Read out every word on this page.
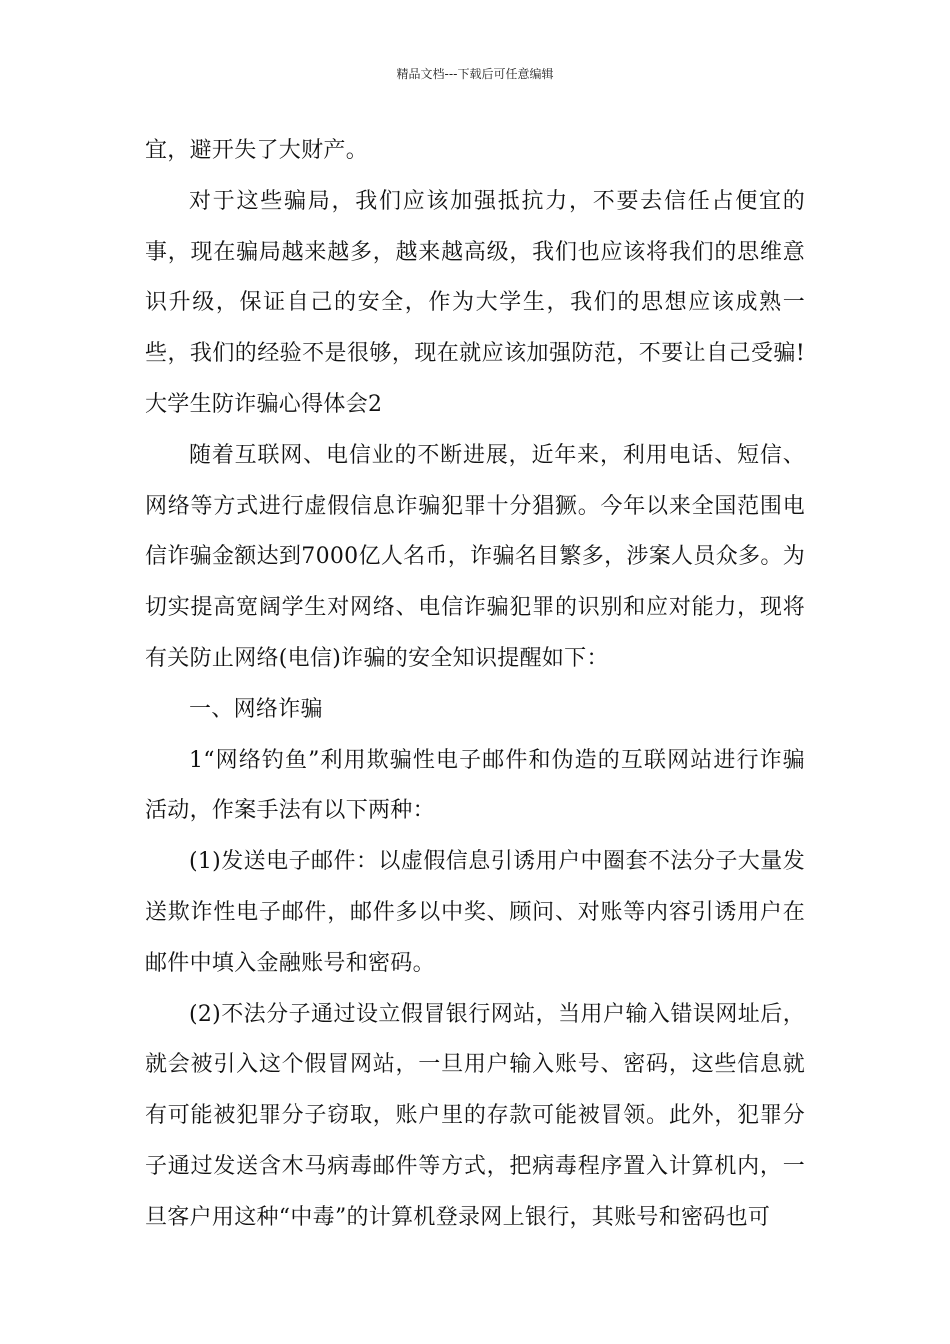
精品文档---下载后可任意编辑

宜，避开失了大财产。

对于这些骗局，我们应该加强抵抗力，不要去信任占便宜的事，现在骗局越来越多，越来越高级，我们也应该将我们的思维意识升级，保证自己的安全，作为大学生，我们的思想应该成熟一些，我们的经验不是很够，现在就应该加强防范，不要让自己受骗!大学生防诈骗心得体会2

随着互联网、电信业的不断进展，近年来，利用电话、短信、网络等方式进行虚假信息诈骗犯罪十分猖獗。今年以来全国范围电信诈骗金额达到7000亿人名币，诈骗名目繁多，涉案人员众多。为切实提高宽阔学生对网络、电信诈骗犯罪的识别和应对能力，现将有关防止网络(电信)诈骗的安全知识提醒如下：

一、网络诈骗

1“网络钓鱼”利用欺骗性电子邮件和伪造的互联网站进行诈骗活动，作案手法有以下两种：

(1)发送电子邮件：以虚假信息引诱用户中圈套不法分子大量发送欺诈性电子邮件，邮件多以中奖、顾问、对账等内容引诱用户在邮件中填入金融账号和密码。

(2)不法分子通过设立假冒银行网站，当用户输入错误网址后，就会被引入这个假冒网站，一旦用户输入账号、密码，这些信息就有可能被犯罪分子窃取，账户里的存款可能被冒领。此外，犯罪分子通过发送含木马病毒邮件等方式，把病毒程序置入计算机内，一旦客户用这种“中毒”的计算机登录网上银行，其账号和密码也可
